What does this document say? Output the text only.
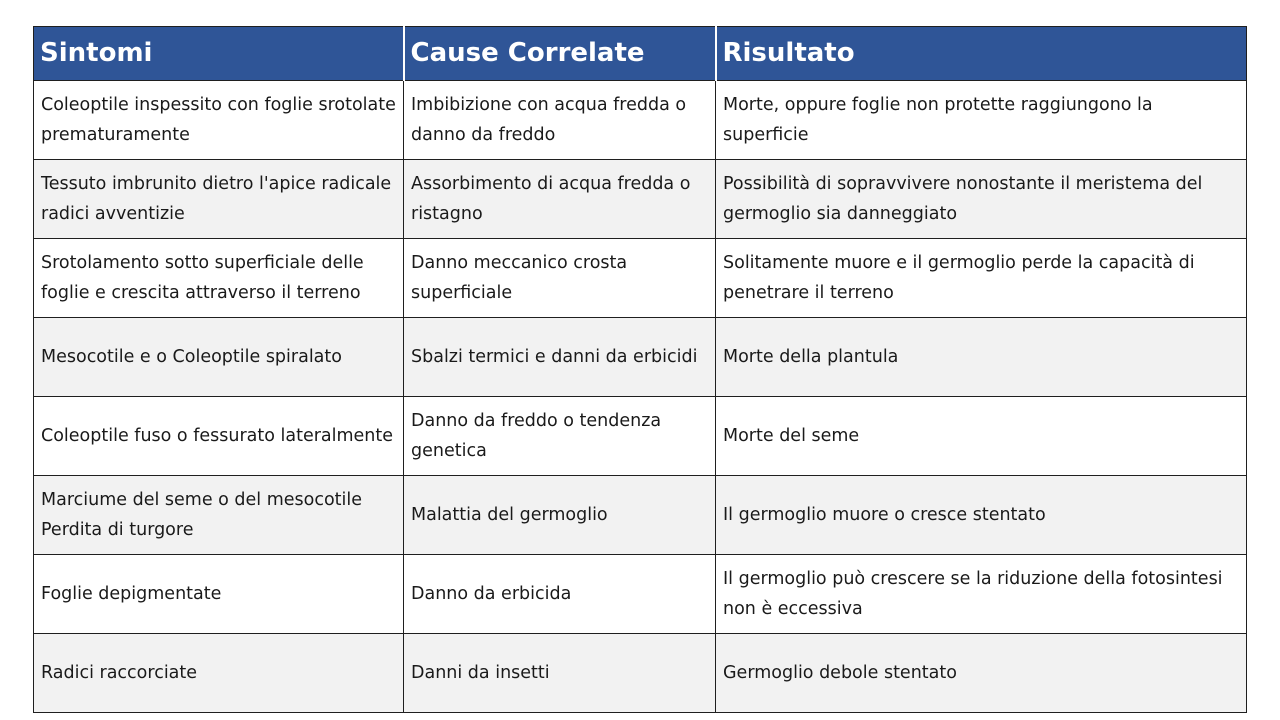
Sintomi	Cause Correlate	Risultato
Coleoptile inspessito con foglie srotolate prematuramente	Imbibizione con acqua fredda o danno da freddo	Morte, oppure foglie non protette raggiungono la superficie
Tessuto imbrunito dietro l'apice radicale radici avventizie	Assorbimento di acqua fredda o ristagno	Possibilità di sopravvivere nonostante il meristema del germoglio sia danneggiato
Srotolamento sotto superficiale delle foglie e crescita attraverso il terreno	Danno meccanico crosta superficiale	Solitamente muore e il germoglio perde la capacità di penetrare il terreno
Mesocotile e o Coleoptile spiralato	Sbalzi termici e danni da erbicidi	Morte della plantula
Coleoptile fuso o fessurato lateralmente	Danno da freddo o tendenza genetica	Morte del seme
Marciume del seme o del mesocotile Perdita di turgore	Malattia del germoglio	Il germoglio muore o cresce stentato
Foglie depigmentate	Danno da erbicida	Il germoglio può crescere se la riduzione della fotosintesi non è eccessiva
Radici raccorciate	Danni da insetti	Germoglio debole stentato
